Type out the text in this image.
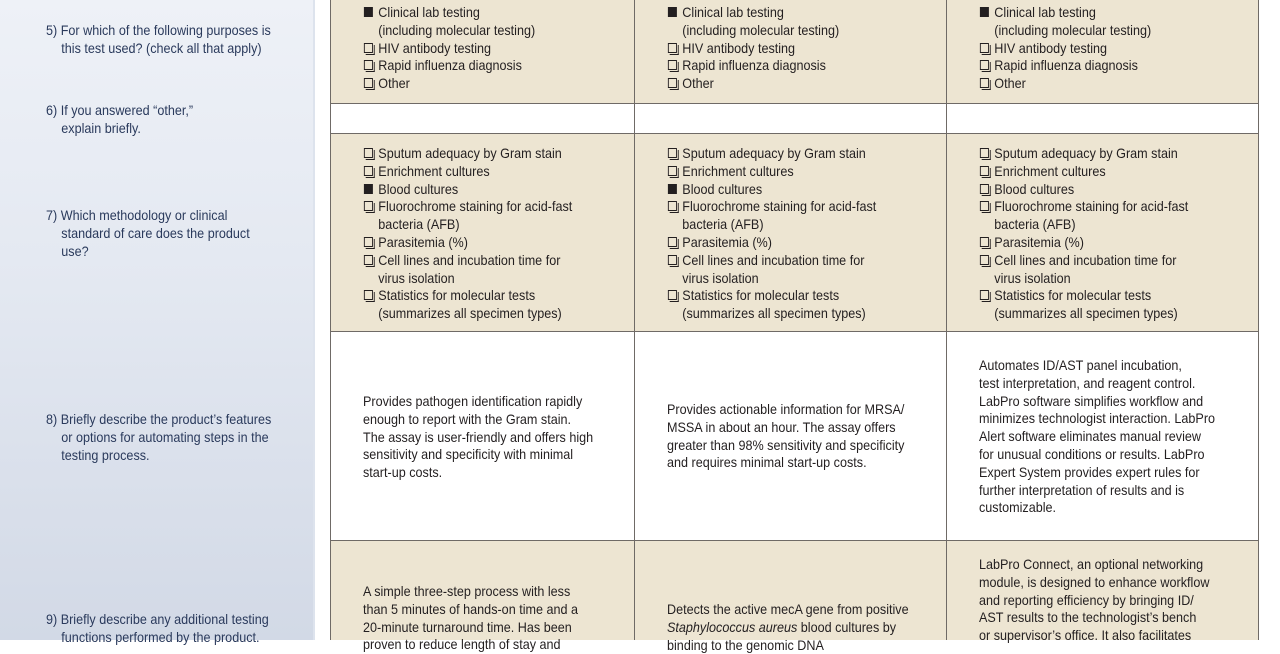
5) For which of the following purposes is
this test used? (check all that apply)
6) If you answered “other,”
explain briefly.
7) Which methodology or clinical
standard of care does the product
use?
8) Briefly describe the product’s features
or options for automating steps in the
testing process.
9) Briefly describe any additional testing
functions performed by the product.
Clinical lab testing
(including molecular testing)
HIV antibody testing
Rapid influenza diagnosis
Other
Clinical lab testing
(including molecular testing)
HIV antibody testing
Rapid influenza diagnosis
Other
Clinical lab testing
(including molecular testing)
HIV antibody testing
Rapid influenza diagnosis
Other
Sputum adequacy by Gram stain
Enrichment cultures
Blood cultures
Fluorochrome staining for acid-fast
bacteria (AFB)
Parasitemia (%)
Cell lines and incubation time for
virus isolation
Statistics for molecular tests
(summarizes all specimen types)
Sputum adequacy by Gram stain
Enrichment cultures
Blood cultures
Fluorochrome staining for acid-fast
bacteria (AFB)
Parasitemia (%)
Cell lines and incubation time for
virus isolation
Statistics for molecular tests
(summarizes all specimen types)
Sputum adequacy by Gram stain
Enrichment cultures
Blood cultures
Fluorochrome staining for acid-fast
bacteria (AFB)
Parasitemia (%)
Cell lines and incubation time for
virus isolation
Statistics for molecular tests
(summarizes all specimen types)
Provides pathogen identification rapidly
enough to report with the Gram stain.
The assay is user-friendly and offers high
sensitivity and specificity with minimal
start-up costs.
Provides actionable information for MRSA/
MSSA in about an hour. The assay offers
greater than 98% sensitivity and specificity
and requires minimal start-up costs.
Automates ID/AST panel incubation,
test interpretation, and reagent control.
LabPro software simplifies workflow and
minimizes technologist interaction. LabPro
Alert software eliminates manual review
for unusual conditions or results. LabPro
Expert System provides expert rules for
further interpretation of results and is
customizable.
A simple three-step process with less
than 5 minutes of hands-on time and a
20-minute turnaround time. Has been
proven to reduce length of stay and
Detects the active mecA gene from positive
Staphylococcus aureus blood cultures by
binding to the genomic DNA
LabPro Connect, an optional networking
module, is designed to enhance workflow
and reporting efficiency by bringing ID/
AST results to the technologist’s bench
or supervisor’s office. It also facilitates
